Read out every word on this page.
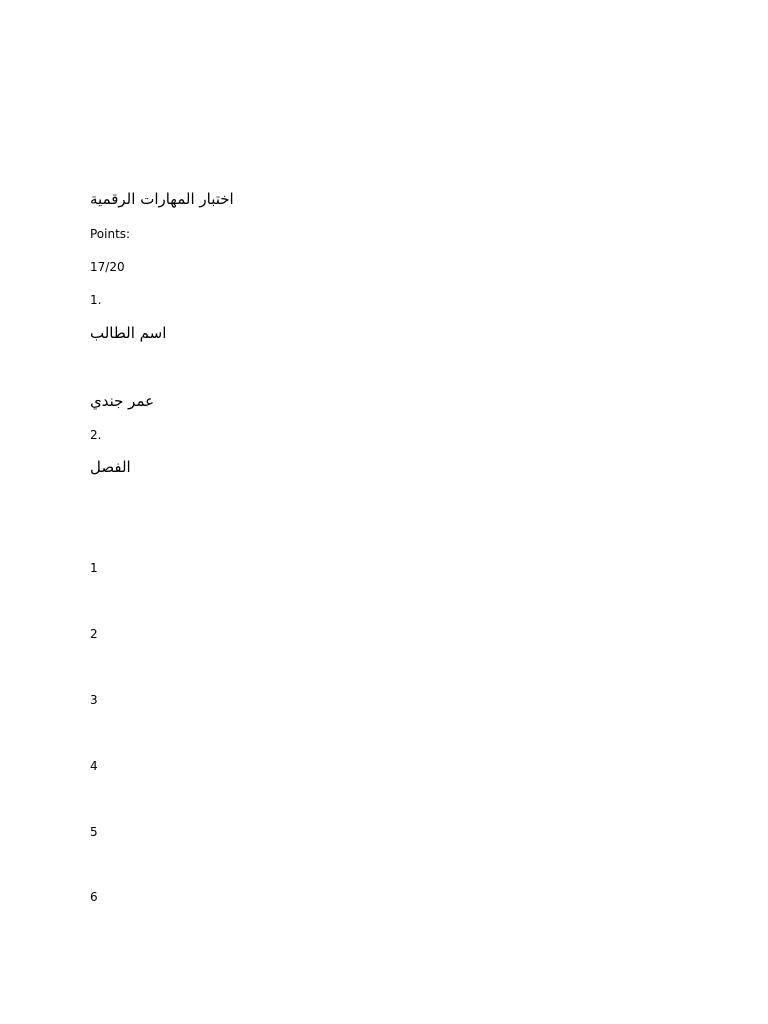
اختبار المهارات الرقمية
Points:
17/20
1.
اسم الطالب
عمر جندي
2.
الفصل
1
2
3
4
5
6
